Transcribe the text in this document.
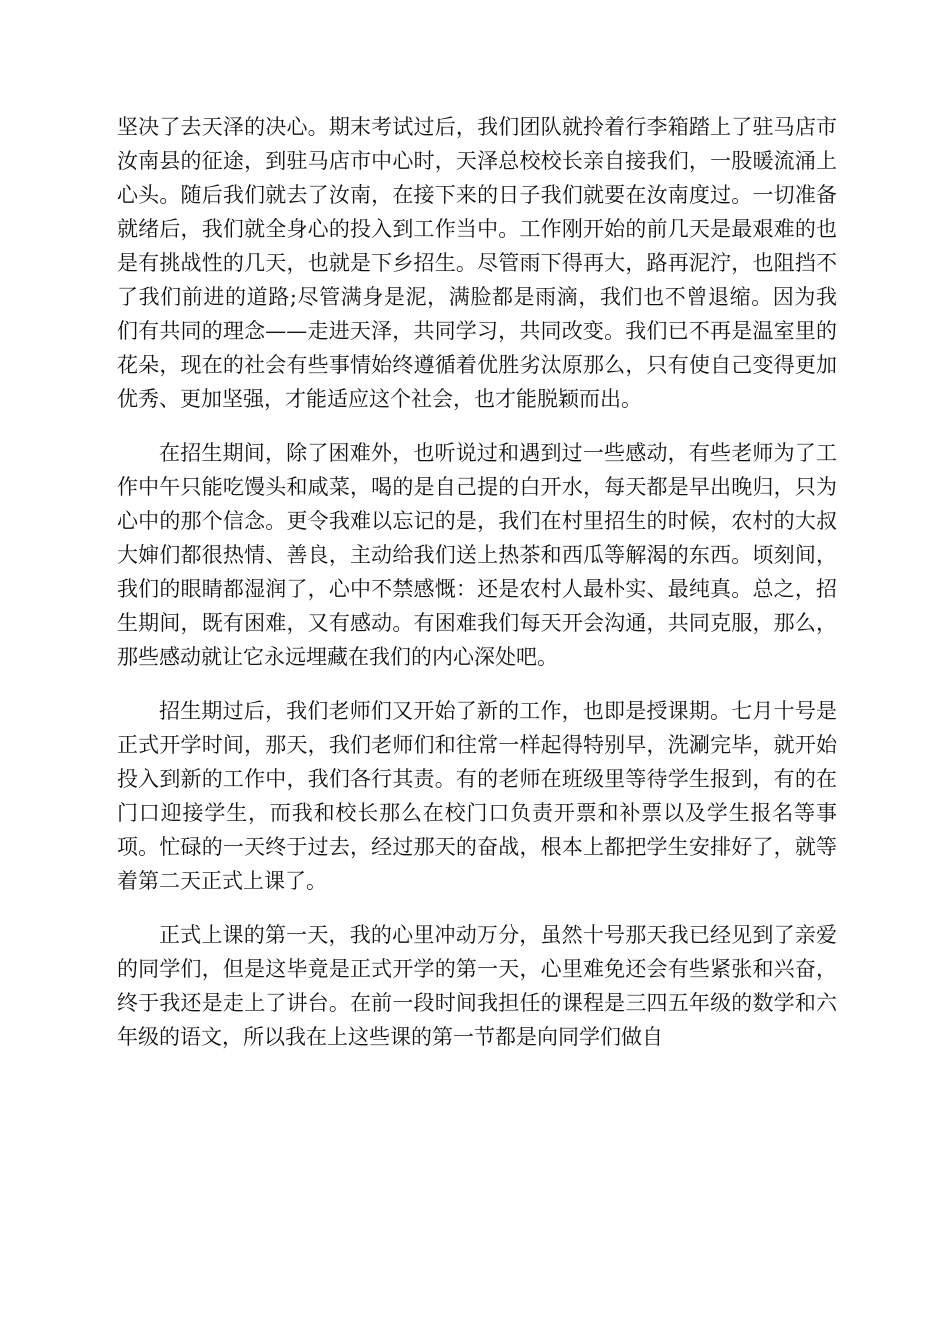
坚决了去天泽的决心。期末考试过后，我们团队就拎着行李箱踏上了驻马店市汝南县的征途，到驻马店市中心时，天泽总校校长亲自接我们，一股暖流涌上心头。随后我们就去了汝南，在接下来的日子我们就要在汝南度过。一切准备就绪后，我们就全身心的投入到工作当中。工作刚开始的前几天是最艰难的也是有挑战性的几天，也就是下乡招生。尽管雨下得再大，路再泥泞，也阻挡不了我们前进的道路;尽管满身是泥，满脸都是雨滴，我们也不曾退缩。因为我们有共同的理念——走进天泽，共同学习，共同改变。我们已不再是温室里的花朵，现在的社会有些事情始终遵循着优胜劣汰原那么，只有使自己变得更加优秀、更加坚强，才能适应这个社会，也才能脱颖而出。

在招生期间，除了困难外，也听说过和遇到过一些感动，有些老师为了工作中午只能吃馒头和咸菜，喝的是自己提的白开水，每天都是早出晚归，只为心中的那个信念。更令我难以忘记的是，我们在村里招生的时候，农村的大叔大婶们都很热情、善良，主动给我们送上热茶和西瓜等解渴的东西。顷刻间，我们的眼睛都湿润了，心中不禁感慨：还是农村人最朴实、最纯真。总之，招生期间，既有困难，又有感动。有困难我们每天开会沟通，共同克服，那么，那些感动就让它永远埋藏在我们的内心深处吧。

招生期过后，我们老师们又开始了新的工作，也即是授课期。七月十号是正式开学时间，那天，我们老师们和往常一样起得特别早，洗涮完毕，就开始投入到新的工作中，我们各行其责。有的老师在班级里等待学生报到，有的在门口迎接学生，而我和校长那么在校门口负责开票和补票以及学生报名等事项。忙碌的一天终于过去，经过那天的奋战，根本上都把学生安排好了，就等着第二天正式上课了。

正式上课的第一天，我的心里冲动万分，虽然十号那天我已经见到了亲爱的同学们，但是这毕竟是正式开学的第一天，心里难免还会有些紧张和兴奋，终于我还是走上了讲台。在前一段时间我担任的课程是三四五年级的数学和六年级的语文，所以我在上这些课的第一节都是向同学们做自
